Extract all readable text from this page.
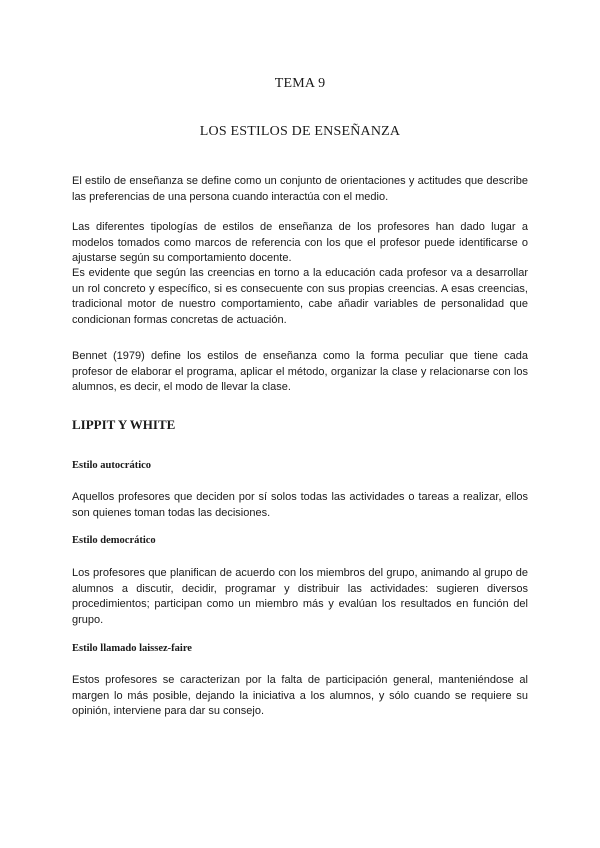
TEMA 9
LOS ESTILOS DE ENSEÑANZA

El estilo de enseñanza se define como un conjunto de orientaciones y actitudes que describe las preferencias de una persona cuando interactúa con el medio.

Las diferentes tipologías de estilos de enseñanza de los profesores han dado lugar a modelos tomados como marcos de referencia con los que el profesor puede identificarse o ajustarse según su comportamiento docente.

Es evidente que según las creencias en torno a la educación cada profesor va a desarrollar un rol concreto y específico, si es consecuente con sus propias creencias. A esas creencias, tradicional motor de nuestro comportamiento, cabe añadir variables de personalidad que condicionan formas concretas de actuación.

Bennet (1979) define los estilos de enseñanza como la forma peculiar que tiene cada profesor de elaborar el programa, aplicar el método, organizar la clase y relacionarse con los alumnos, es decir, el modo de llevar la clase.

LIPPIT Y WHITE
Estilo autocrático

Aquellos profesores que deciden por sí solos todas las actividades o tareas a realizar, ellos son quienes toman todas las decisiones.

Estilo democrático

Los profesores que planifican de acuerdo con los miembros del grupo, animando al grupo de alumnos a discutir, decidir, programar y distribuir las actividades: sugieren diversos procedimientos; participan como un miembro más y evalúan los resultados en función del grupo.

Estilo llamado laissez-faire

Estos profesores se caracterizan por la falta de participación general, manteniéndose al margen lo más posible, dejando la iniciativa a los alumnos, y sólo cuando se requiere su opinión, interviene para dar su consejo.
